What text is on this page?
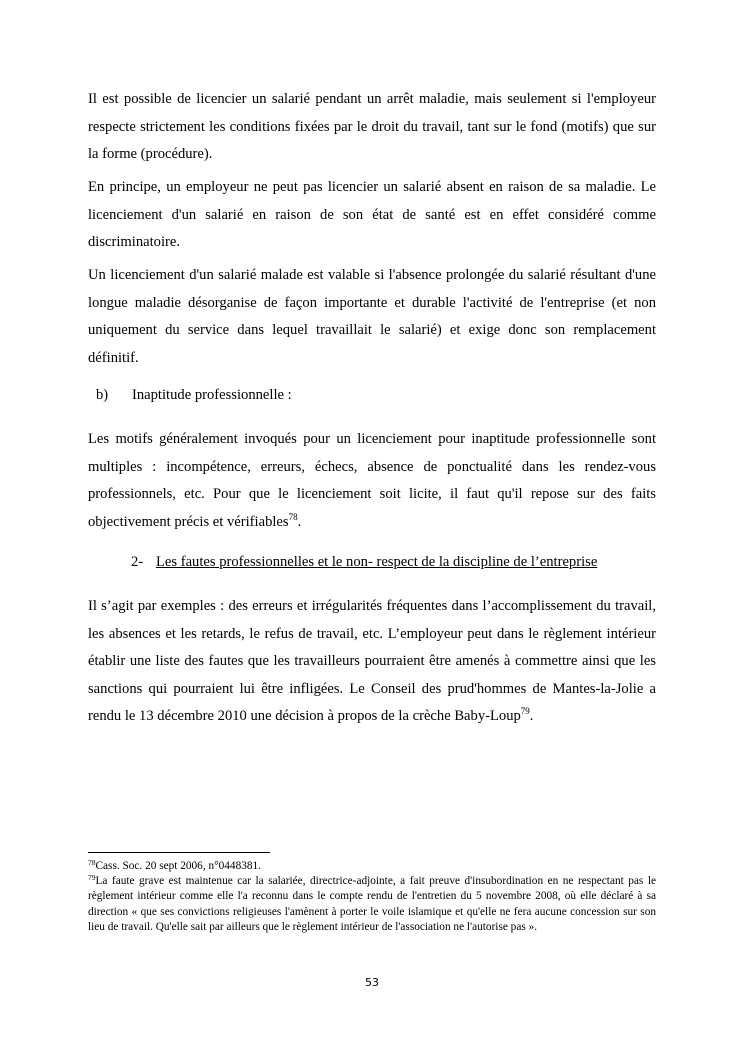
Il est possible de licencier un salarié pendant un arrêt maladie, mais seulement si l'employeur respecte strictement les conditions fixées par le droit du travail, tant sur le fond (motifs) que sur la forme (procédure).

En principe, un employeur ne peut pas licencier un salarié absent en raison de sa maladie. Le licenciement d'un salarié en raison de son état de santé est en effet considéré comme discriminatoire.

Un licenciement d'un salarié malade est valable si l'absence prolongée du salarié résultant d'une longue maladie désorganise de façon importante et durable l'activité de l'entreprise (et non uniquement du service dans lequel travaillait le salarié) et exige donc son remplacement définitif.

b) Inaptitude professionnelle :

Les motifs généralement invoqués pour un licenciement pour inaptitude professionnelle sont multiples : incompétence, erreurs, échecs, absence de ponctualité dans les rendez-vous professionnels, etc. Pour que le licenciement soit licite, il faut qu'il repose sur des faits objectivement précis et vérifiables$^{78}$.

2- Les fautes professionnelles et le non- respect de la discipline de l’entreprise

Il s’agit par exemples : des erreurs et irrégularités fréquentes dans l’accomplissement du travail, les absences et les retards, le refus de travail, etc. L’employeur peut dans le règlement intérieur établir une liste des fautes que les travailleurs pourraient être amenés à commettre ainsi que les sanctions qui pourraient lui être infligées. Le Conseil des prud'hommes de Mantes-la-Jolie a rendu le 13 décembre 2010 une décision à propos de la crèche Baby-Loup$^{79}$.

$^{78}$Cass. Soc. 20 sept 2006, n°0448381.

$^{79}$La faute grave est maintenue car la salariée, directrice-adjointe, a fait preuve d'insubordination en ne respectant pas le règlement intérieur comme elle l'a reconnu dans le compte rendu de l'entretien du 5 novembre 2008, où elle déclaré à sa direction « que ses convictions religieuses l'amènent à porter le voile islamique et qu'elle ne fera aucune concession sur son lieu de travail. Qu'elle sait par ailleurs que le règlement intérieur de l'association ne l'autorise pas ».

53
